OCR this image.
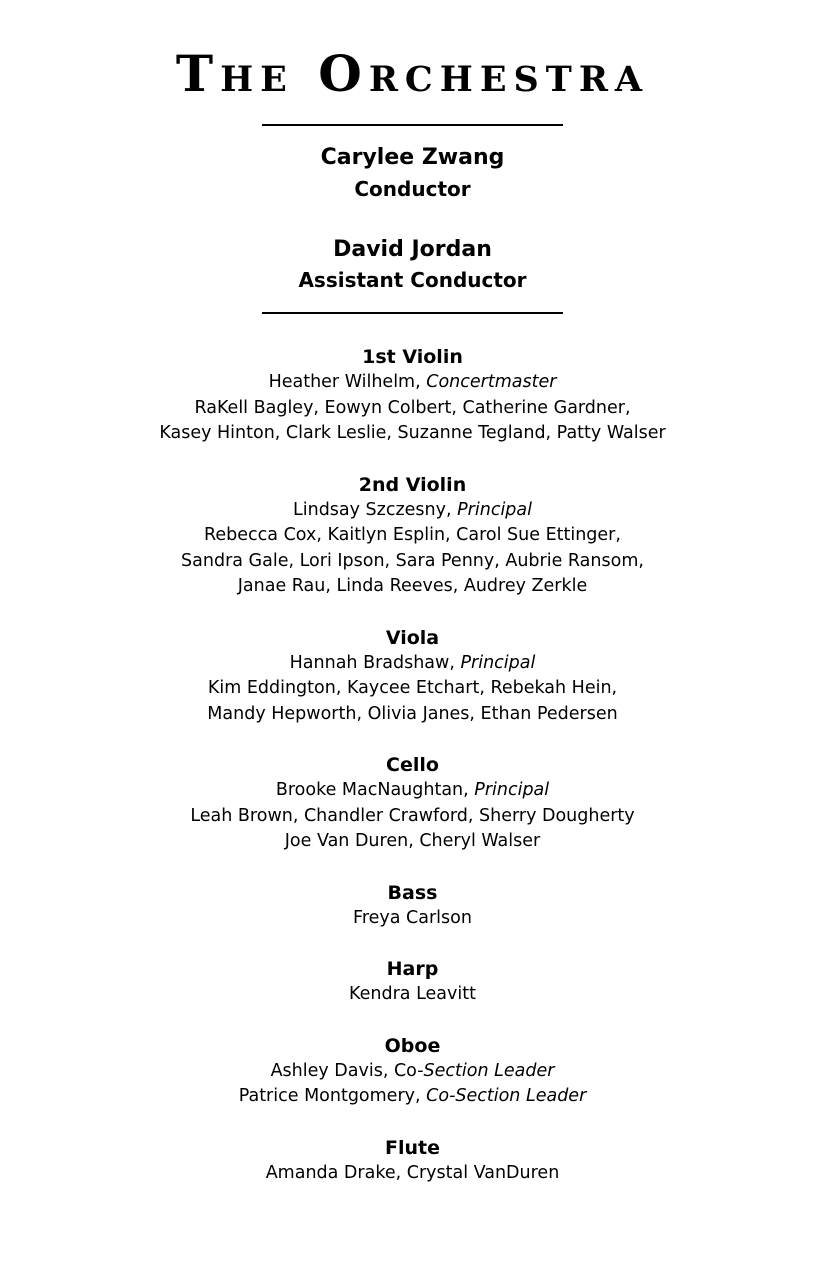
The Orchestra
Carylee Zwang
Conductor
David Jordan
Assistant Conductor
1st Violin
Heather Wilhelm, Concertmaster
RaKell Bagley, Eowyn Colbert, Catherine Gardner,
Kasey Hinton, Clark Leslie, Suzanne Tegland, Patty Walser
2nd Violin
Lindsay Szczesny, Principal
Rebecca Cox, Kaitlyn Esplin, Carol Sue Ettinger,
Sandra Gale, Lori Ipson, Sara Penny, Aubrie Ransom,
Janae Rau, Linda Reeves, Audrey Zerkle
Viola
Hannah Bradshaw, Principal
Kim Eddington, Kaycee Etchart, Rebekah Hein,
Mandy Hepworth, Olivia Janes, Ethan Pedersen
Cello
Brooke MacNaughtan, Principal
Leah Brown, Chandler Crawford, Sherry Dougherty
Joe Van Duren, Cheryl Walser
Bass
Freya Carlson
Harp
Kendra Leavitt
Oboe
Ashley Davis, Co-Section Leader
Patrice Montgomery, Co-Section Leader
Flute
Amanda Drake, Crystal VanDuren
